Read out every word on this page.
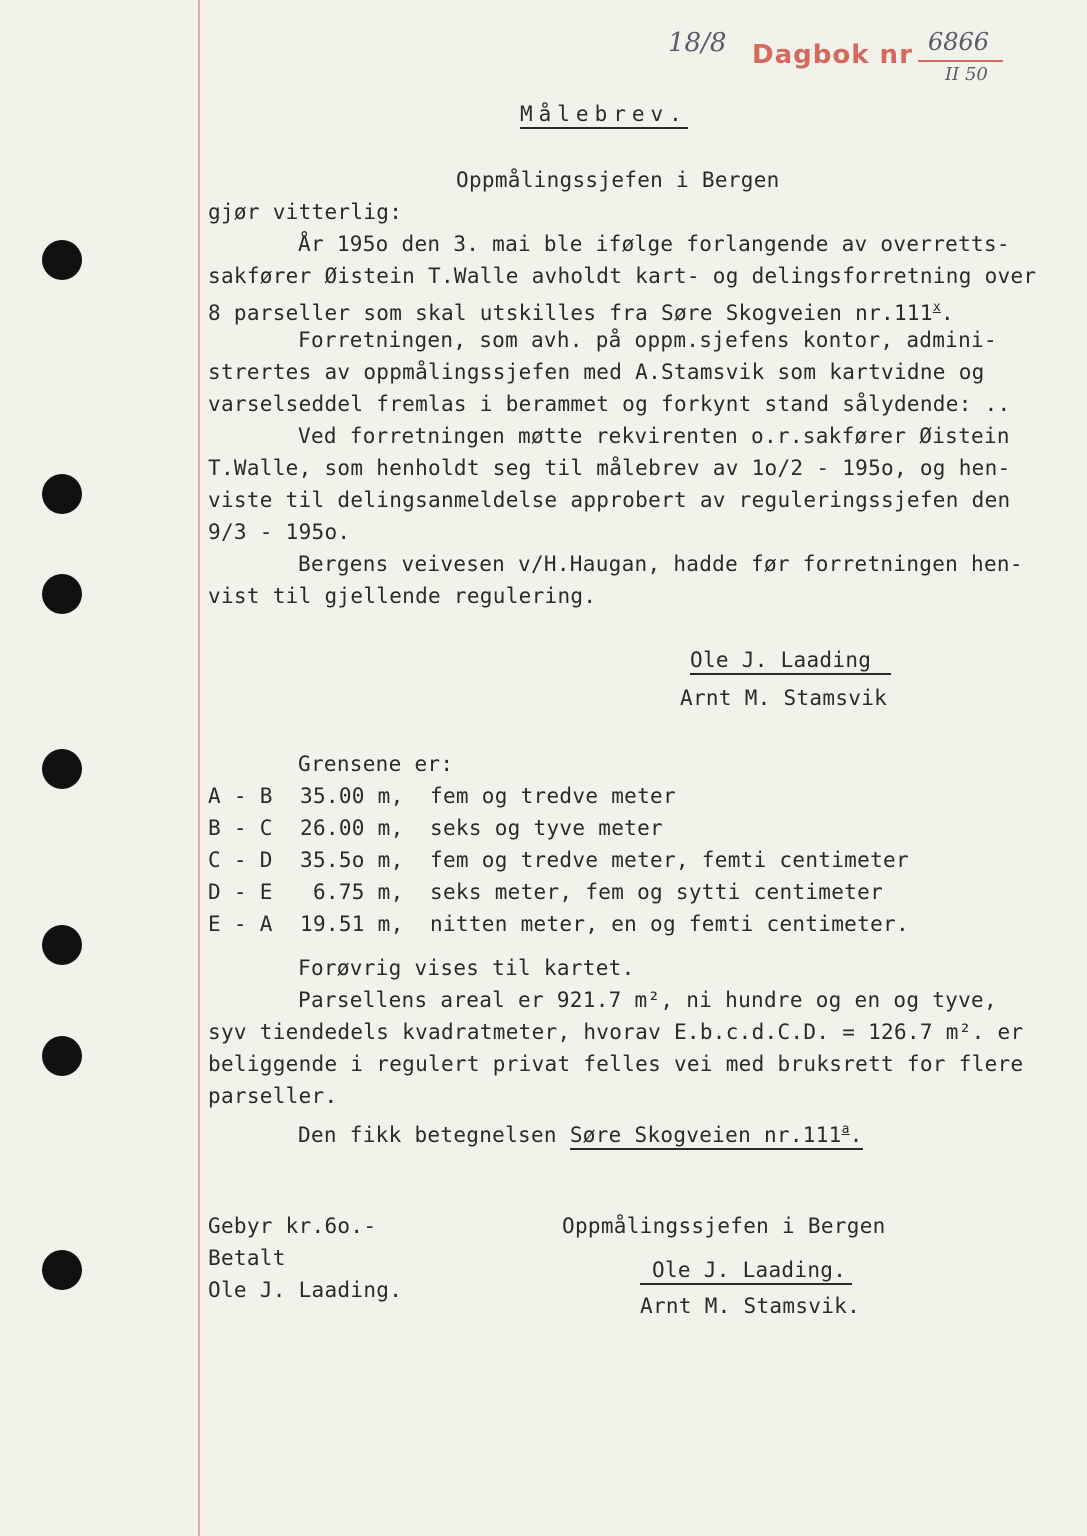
18/8 Dagbok nr 6866
II 50
Målebrev.
Oppmålingssjefen i Bergen
gjør vitterlig:
År 195o den 3. mai ble ifølge forlangende av overretts-
sakfører Øistein T.Walle avholdt kart- og delingsforretning over
8 parseller som skal utskilles fra Søre Skogveien nr.111$^x$.
Forretningen, som avh. på oppm.sjefens kontor, admini-
strertes av oppmålingssjefen med A.Stamsvik som kartvidne og
varselseddel fremlas i berammet og forkynt stand sålydende: ..
Ved forretningen møtte rekvirenten o.r.sakfører Øistein
T.Walle, som henholdt seg til målebrev av 1o/2 - 195o, og hen-
viste til delingsanmeldelse approbert av reguleringssjefen den
9/3 - 195o.
Bergens veivesen v/H.Haugan, hadde før forretningen hen-
vist til gjellende regulering.
Ole J. Laading
Arnt M. Stamsvik
Grensene er:
A - B 35.00 m, fem og tredve meter
B - C 26.00 m, seks og tyve meter
C - D 35.5o m, fem og tredve meter, femti centimeter
D - E 6.75 m, seks meter, fem og sytti centimeter
E - A 19.51 m, nitten meter, en og femti centimeter.
Forøvrig vises til kartet.
Parsellens areal er 921.7 m², ni hundre og en og tyve,
syv tiendedels kvadratmeter, hvorav E.b.c.d.C.D. = 126.7 m². er
beliggende i regulert privat felles vei med bruksrett for flere
parseller.
Den fikk betegnelsen Søre Skogveien nr.111$^a$.
Gebyr kr.6o.-
Betalt
Ole J. Laading.
Oppmålingssjefen i Bergen
Ole J. Laading.
Arnt M. Stamsvik.
